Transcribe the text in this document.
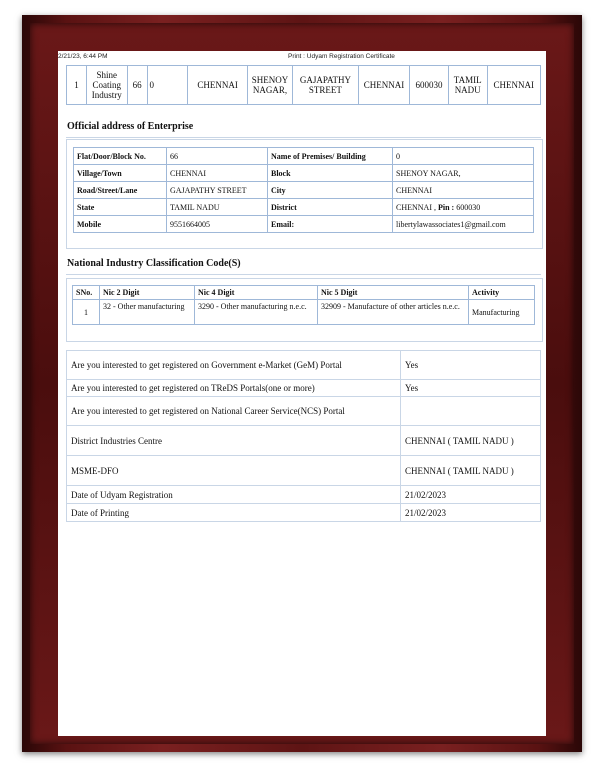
2/21/23, 6:44 PM	Print : Udyam Registration Certificate
1	Shine Coating Industry	66	0	CHENNAI	SHENOY NAGAR,	GAJAPATHY STREET	CHENNAI	600030	TAMIL NADU	CHENNAI
Official address of Enterprise
Flat/Door/Block No.	66	Name of Premises/ Building	0
Village/Town	CHENNAI	Block	SHENOY NAGAR,
Road/Street/Lane	GAJAPATHY STREET	City	CHENNAI
State	TAMIL NADU	District	CHENNAI , Pin : 600030
Mobile	9551664005	Email:	libertylawassociates1@gmail.com
National Industry Classification Code(S)
SNo.	Nic 2 Digit	Nic 4 Digit	Nic 5 Digit	Activity
1	32 - Other manufacturing	3290 - Other manufacturing n.e.c.	32909 - Manufacture of other articles n.e.c.	Manufacturing
Are you interested to get registered on Government e-Market (GeM) Portal	Yes
Are you interested to get registered on TReDS Portals(one or more)	Yes
Are you interested to get registered on National Career Service(NCS) Portal	
District Industries Centre	CHENNAI ( TAMIL NADU )
MSME-DFO	CHENNAI ( TAMIL NADU )
Date of Udyam Registration	21/02/2023
Date of Printing	21/02/2023
